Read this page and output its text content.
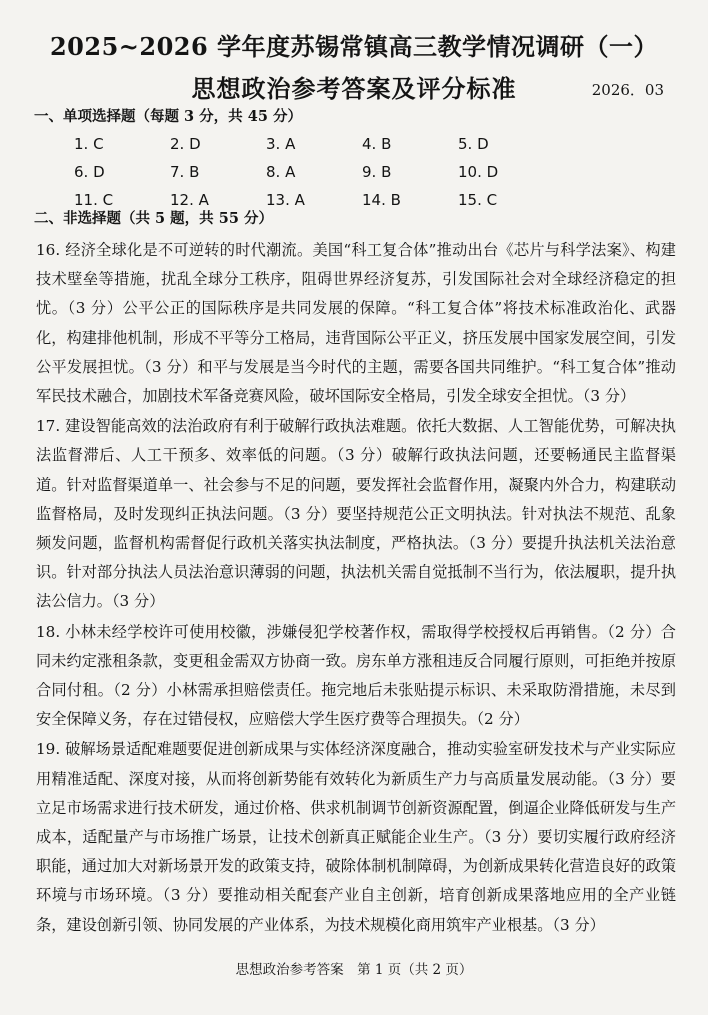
2025~2026 学年度苏锡常镇高三教学情况调研（一）
思想政治参考答案及评分标准	2026．03
一、单项选择题（每题 3 分，共 45 分）
1. C	2. D	3. A	4. B	5. D
6. D	7. B	8. A	9. B	10. D
11. C	12. A	13. A	14. B	15. C
二、非选择题（共 5 题，共 55 分）

16. 经济全球化是不可逆转的时代潮流。美国“科工复合体”推动出台《芯片与科学法案》、构建技术壁垒等措施，扰乱全球分工秩序，阻碍世界经济复苏，引发国际社会对全球经济稳定的担忧。（3 分）公平公正的国际秩序是共同发展的保障。“科工复合体”将技术标准政治化、武器化，构建排他机制，形成不平等分工格局，违背国际公平正义，挤压发展中国家发展空间，引发公平发展担忧。（3 分）和平与发展是当今时代的主题，需要各国共同维护。“科工复合体”推动军民技术融合，加剧技术军备竞赛风险，破坏国际安全格局，引发全球安全担忧。（3 分）

17. 建设智能高效的法治政府有利于破解行政执法难题。依托大数据、人工智能优势，可解决执法监督滞后、人工干预多、效率低的问题。（3 分）破解行政执法问题，还要畅通民主监督渠道。针对监督渠道单一、社会参与不足的问题，要发挥社会监督作用，凝聚内外合力，构建联动监督格局，及时发现纠正执法问题。（3 分）要坚持规范公正文明执法。针对执法不规范、乱象频发问题，监督机构需督促行政机关落实执法制度，严格执法。（3 分）要提升执法机关法治意识。针对部分执法人员法治意识薄弱的问题，执法机关需自觉抵制不当行为，依法履职，提升执法公信力。（3 分）

18. 小林未经学校许可使用校徽，涉嫌侵犯学校著作权，需取得学校授权后再销售。（2 分）合同未约定涨租条款，变更租金需双方协商一致。房东单方涨租违反合同履行原则，可拒绝并按原合同付租。（2 分）小林需承担赔偿责任。拖完地后未张贴提示标识、未采取防滑措施，未尽到安全保障义务，存在过错侵权，应赔偿大学生医疗费等合理损失。（2 分）

19. 破解场景适配难题要促进创新成果与实体经济深度融合，推动实验室研发技术与产业实际应用精准适配、深度对接，从而将创新势能有效转化为新质生产力与高质量发展动能。（3 分）要立足市场需求进行技术研发，通过价格、供求机制调节创新资源配置，倒逼企业降低研发与生产成本，适配量产与市场推广场景，让技术创新真正赋能企业生产。（3 分）要切实履行政府经济职能，通过加大对新场景开发的政策支持，破除体制机制障碍，为创新成果转化营造良好的政策环境与市场环境。（3 分）要推动相关配套产业自主创新，培育创新成果落地应用的全产业链条，建设创新引领、协同发展的产业体系，为技术规模化商用筑牢产业根基。（3 分）

思想政治参考答案　第 1 页（共 2 页）
